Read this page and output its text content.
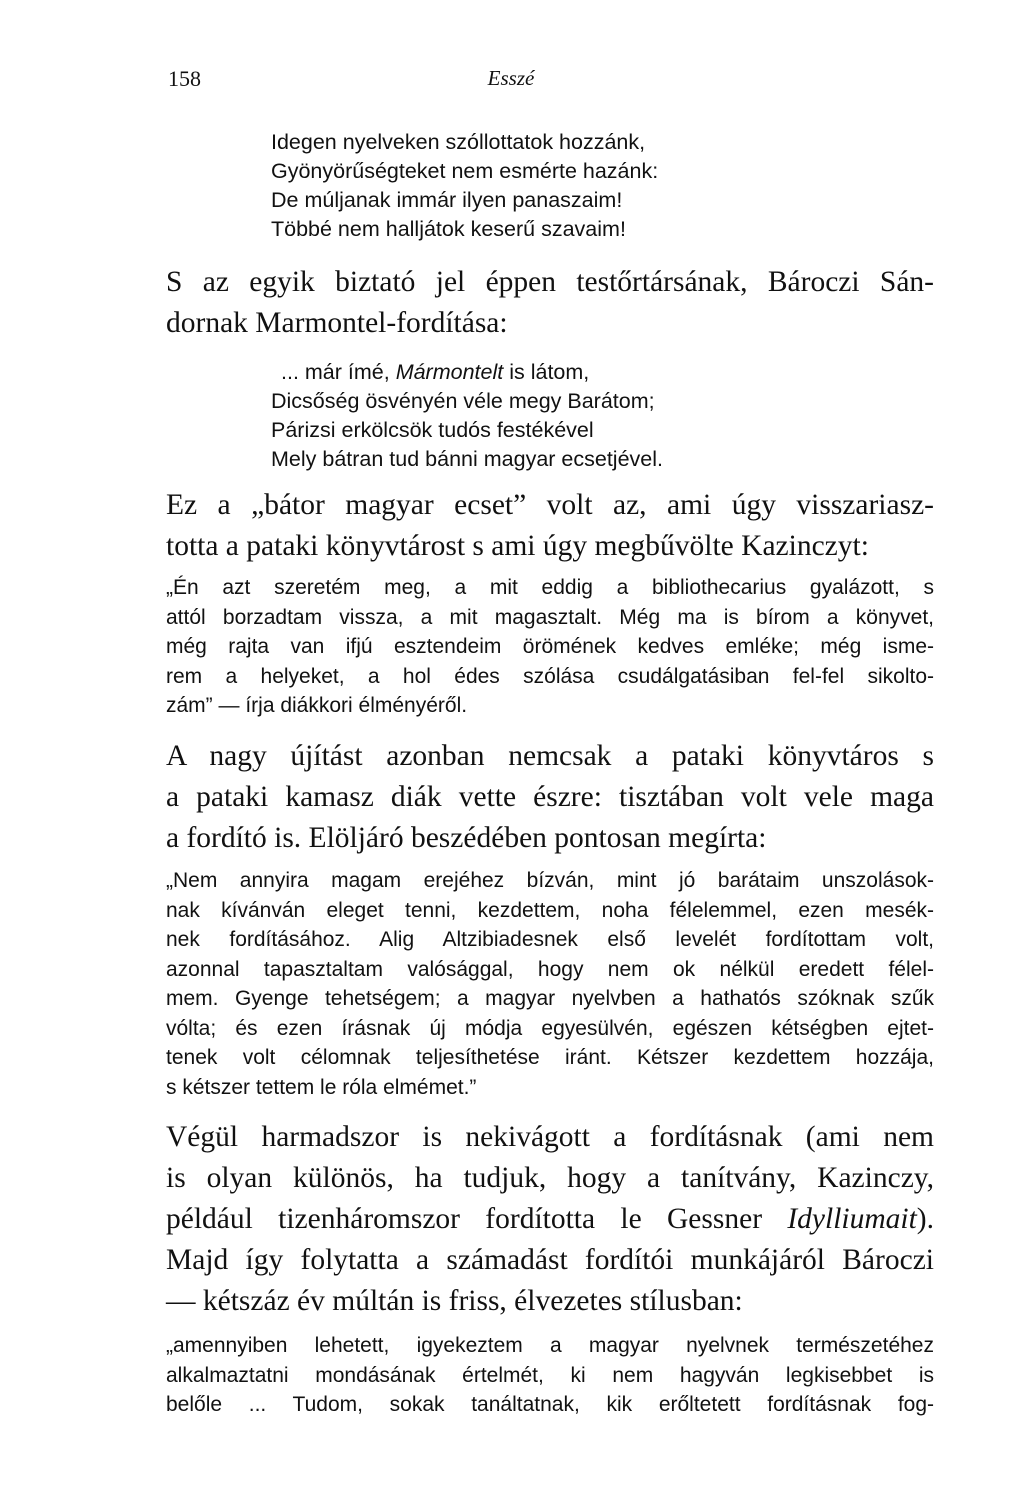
158	Esszé
Idegen nyelveken szóllottatok hozzánk,
Gyönyörűségteket nem esmérte hazánk:
De múljanak immár ilyen panaszaim!
Többé nem halljátok keserű szavaim!
S az egyik biztató jel éppen testőrtársának, Bároczi Sán-
dornak Marmontel-fordítása:
... már ímé, Mármontelt is látom,
Dicsőség ösvényén véle megy Barátom;
Párizsi erkölcsök tudós festékével
Mely bátran tud bánni magyar ecsetjével.
Ez a „bátor magyar ecset” volt az, ami úgy visszariasz-
totta a pataki könyvtárost s ami úgy megbűvölte Kazinczyt:
„Én azt szeretém meg, a mit eddig a bibliothecarius gyalázott, s
attól borzadtam vissza, a mit magasztalt. Még ma is bírom a könyvet,
még rajta van ifjú esztendeim örömének kedves emléke; még isme-
rem a helyeket, a hol édes szólása csudálgatásiban fel-fel sikolto-
zám” — írja diákkori élményéről.
A nagy újítást azonban nemcsak a pataki könyvtáros s
a pataki kamasz diák vette észre: tisztában volt vele maga
a fordító is. Elöljáró beszédében pontosan megírta:
„Nem annyira magam erejéhez bízván, mint jó barátaim unszolások-
nak kívánván eleget tenni, kezdettem, noha félelemmel, ezen mesék-
nek fordításához. Alig Altzibiadesnek első levelét fordítottam volt,
azonnal tapasztaltam valósággal, hogy nem ok nélkül eredett félel-
mem. Gyenge tehetségem; a magyar nyelvben a hathatós szóknak szűk
vólta; és ezen írásnak új módja egyesülvén, egészen kétségben ejtet-
tenek volt célomnak teljesíthetése iránt. Kétszer kezdettem hozzája,
s kétszer tettem le róla elmémet.”
Végül harmadszor is nekivágott a fordításnak (ami nem
is olyan különös, ha tudjuk, hogy a tanítvány, Kazinczy,
például tizenháromszor fordította le Gessner Idylliumait).
Majd így folytatta a számadást fordítói munkájáról Bároczi
— kétszáz év múltán is friss, élvezetes stílusban:
„amennyiben lehetett, igyekeztem a magyar nyelvnek természetéhez
alkalmaztatni mondásának értelmét, ki nem hagyván legkisebbet is
belőle ... Tudom, sokak tanáltatnak, kik erőltetett fordításnak fog-
